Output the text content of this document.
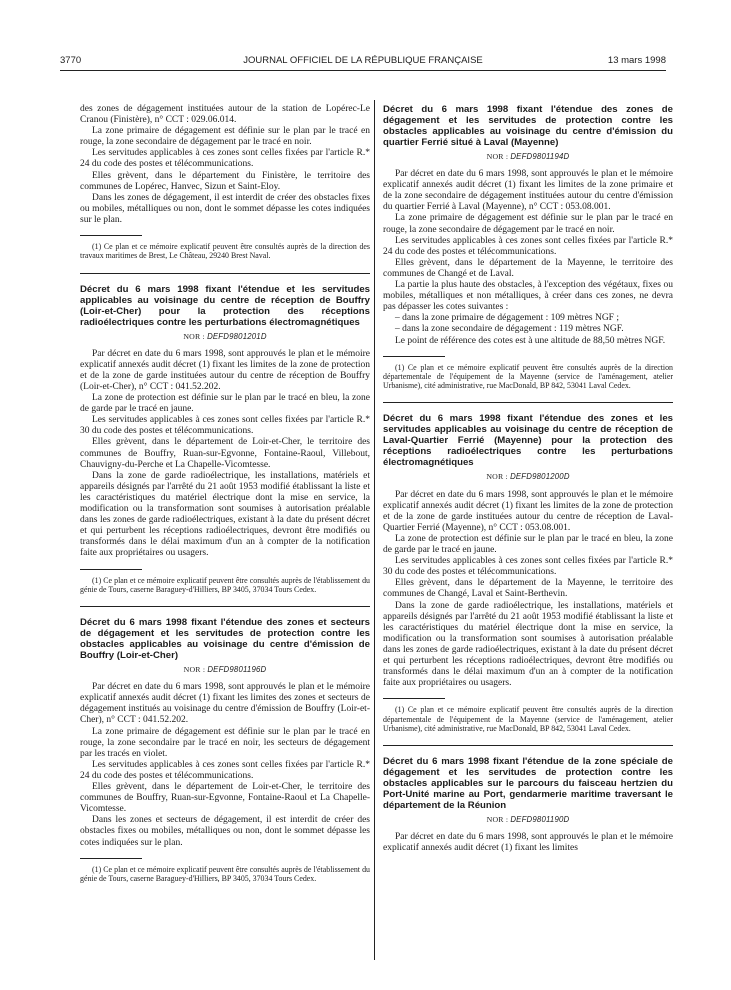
3770	JOURNAL OFFICIEL DE LA RÉPUBLIQUE FRANÇAISE	13 mars 1998

des zones de dégagement instituées autour de la station de Lopérec-Le Cranou (Finistère), n° CCT : 029.06.014.

La zone primaire de dégagement est définie sur le plan par le tracé en rouge, la zone secondaire de dégagement par le tracé en noir.

Les servitudes applicables à ces zones sont celles fixées par l'article R.* 24 du code des postes et télécommunications.

Elles grèvent, dans le département du Finistère, le territoire des communes de Lopérec, Hanvec, Sizun et Saint-Eloy.

Dans les zones de dégagement, il est interdit de créer des obstacles fixes ou mobiles, métalliques ou non, dont le sommet dépasse les cotes indiquées sur le plan.

(1) Ce plan et ce mémoire explicatif peuvent être consultés auprès de la direction des travaux maritimes de Brest, Le Château, 29240 Brest Naval.

Décret du 6 mars 1998 fixant l'étendue et les servitudes applicables au voisinage du centre de réception de Bouffry (Loir-et-Cher) pour la protection des réceptions radioélectriques contre les perturbations électromagnétiques
NOR : DEFD9801201D

Par décret en date du 6 mars 1998, sont approuvés le plan et le mémoire explicatif annexés audit décret (1) fixant les limites de la zone de protection et de la zone de garde instituées autour du centre de réception de Bouffry (Loir-et-Cher), n° CCT : 041.52.202.

La zone de protection est définie sur le plan par le tracé en bleu, la zone de garde par le tracé en jaune.

Les servitudes applicables à ces zones sont celles fixées par l'article R.* 30 du code des postes et télécommunications.

Elles grèvent, dans le département de Loir-et-Cher, le territoire des communes de Bouffry, Ruan-sur-Egvonne, Fontaine-Raoul, Villebout, Chauvigny-du-Perche et La Chapelle-Vicomtesse.

Dans la zone de garde radioélectrique, les installations, matériels et appareils désignés par l'arrêté du 21 août 1953 modifié établissant la liste et les caractéristiques du matériel électrique dont la mise en service, la modification ou la transformation sont soumises à autorisation préalable dans les zones de garde radioélectriques, existant à la date du présent décret et qui perturbent les réceptions radioélectriques, devront être modifiés ou transformés dans le délai maximum d'un an à compter de la notification faite aux propriétaires ou usagers.

(1) Ce plan et ce mémoire explicatif peuvent être consultés auprès de l'établissement du génie de Tours, caserne Baraguey-d'Hilliers, BP 3405, 37034 Tours Cedex.

Décret du 6 mars 1998 fixant l'étendue des zones et secteurs de dégagement et les servitudes de protection contre les obstacles applicables au voisinage du centre d'émission de Bouffry (Loir-et-Cher)
NOR : DEFD9801196D

Par décret en date du 6 mars 1998, sont approuvés le plan et le mémoire explicatif annexés audit décret (1) fixant les limites des zones et secteurs de dégagement institués au voisinage du centre d'émission de Bouffry (Loir-et-Cher), n° CCT : 041.52.202.

La zone primaire de dégagement est définie sur le plan par le tracé en rouge, la zone secondaire par le tracé en noir, les secteurs de dégagement par les tracés en violet.

Les servitudes applicables à ces zones sont celles fixées par l'article R.* 24 du code des postes et télécommunications.

Elles grèvent, dans le département de Loir-et-Cher, le territoire des communes de Bouffry, Ruan-sur-Egvonne, Fontaine-Raoul et La Chapelle-Vicomtesse.

Dans les zones et secteurs de dégagement, il est interdit de créer des obstacles fixes ou mobiles, métalliques ou non, dont le sommet dépasse les cotes indiquées sur le plan.

(1) Ce plan et ce mémoire explicatif peuvent être consultés auprès de l'établissement du génie de Tours, caserne Baraguey-d'Hilliers, BP 3405, 37034 Tours Cedex.

Décret du 6 mars 1998 fixant l'étendue des zones de dégagement et les servitudes de protection contre les obstacles applicables au voisinage du centre d'émission du quartier Ferrié situé à Laval (Mayenne)
NOR : DEFD9801194D

Par décret en date du 6 mars 1998, sont approuvés le plan et le mémoire explicatif annexés audit décret (1) fixant les limites de la zone primaire et de la zone secondaire de dégagement instituées autour du centre d'émission du quartier Ferrié à Laval (Mayenne), n° CCT : 053.08.001.

La zone primaire de dégagement est définie sur le plan par le tracé en rouge, la zone secondaire de dégagement par le tracé en noir.

Les servitudes applicables à ces zones sont celles fixées par l'article R.* 24 du code des postes et télécommunications.

Elles grèvent, dans le département de la Mayenne, le territoire des communes de Changé et de Laval.

La partie la plus haute des obstacles, à l'exception des végétaux, fixes ou mobiles, métalliques et non métalliques, à créer dans ces zones, ne devra pas dépasser les cotes suivantes :

– dans la zone primaire de dégagement : 109 mètres NGF ;

– dans la zone secondaire de dégagement : 119 mètres NGF.

Le point de référence des cotes est à une altitude de 88,50 mètres NGF.

(1) Ce plan et ce mémoire explicatif peuvent être consultés auprès de la direction départementale de l'équipement de la Mayenne (service de l'aménagement, atelier Urbanisme), cité administrative, rue MacDonald, BP 842, 53041 Laval Cedex.

Décret du 6 mars 1998 fixant l'étendue des zones et les servitudes applicables au voisinage du centre de réception de Laval-Quartier Ferrié (Mayenne) pour la protection des réceptions radioélectriques contre les perturbations électromagnétiques
NOR : DEFD9801200D

Par décret en date du 6 mars 1998, sont approuvés le plan et le mémoire explicatif annexés audit décret (1) fixant les limites de la zone de protection et de la zone de garde instituées autour du centre de réception de Laval-Quartier Ferrié (Mayenne), n° CCT : 053.08.001.

La zone de protection est définie sur le plan par le tracé en bleu, la zone de garde par le tracé en jaune.

Les servitudes applicables à ces zones sont celles fixées par l'article R.* 30 du code des postes et télécommunications.

Elles grèvent, dans le département de la Mayenne, le territoire des communes de Changé, Laval et Saint-Berthevin.

Dans la zone de garde radioélectrique, les installations, matériels et appareils désignés par l'arrêté du 21 août 1953 modifié établissant la liste et les caractéristiques du matériel électrique dont la mise en service, la modification ou la transformation sont soumises à autorisation préalable dans les zones de garde radioélectriques, existant à la date du présent décret et qui perturbent les réceptions radioélectriques, devront être modifiés ou transformés dans le délai maximum d'un an à compter de la notification faite aux propriétaires ou usagers.

(1) Ce plan et ce mémoire explicatif peuvent être consultés auprès de la direction départementale de l'équipement de la Mayenne (service de l'aménagement, atelier Urbanisme), cité administrative, rue MacDonald, BP 842, 53041 Laval Cedex.

Décret du 6 mars 1998 fixant l'étendue de la zone spéciale de dégagement et les servitudes de protection contre les obstacles applicables sur le parcours du faisceau hertzien du Port-Unité marine au Port, gendarmerie maritime traversant le département de la Réunion
NOR : DEFD9801190D

Par décret en date du 6 mars 1998, sont approuvés le plan et le mémoire explicatif annexés audit décret (1) fixant les limites
